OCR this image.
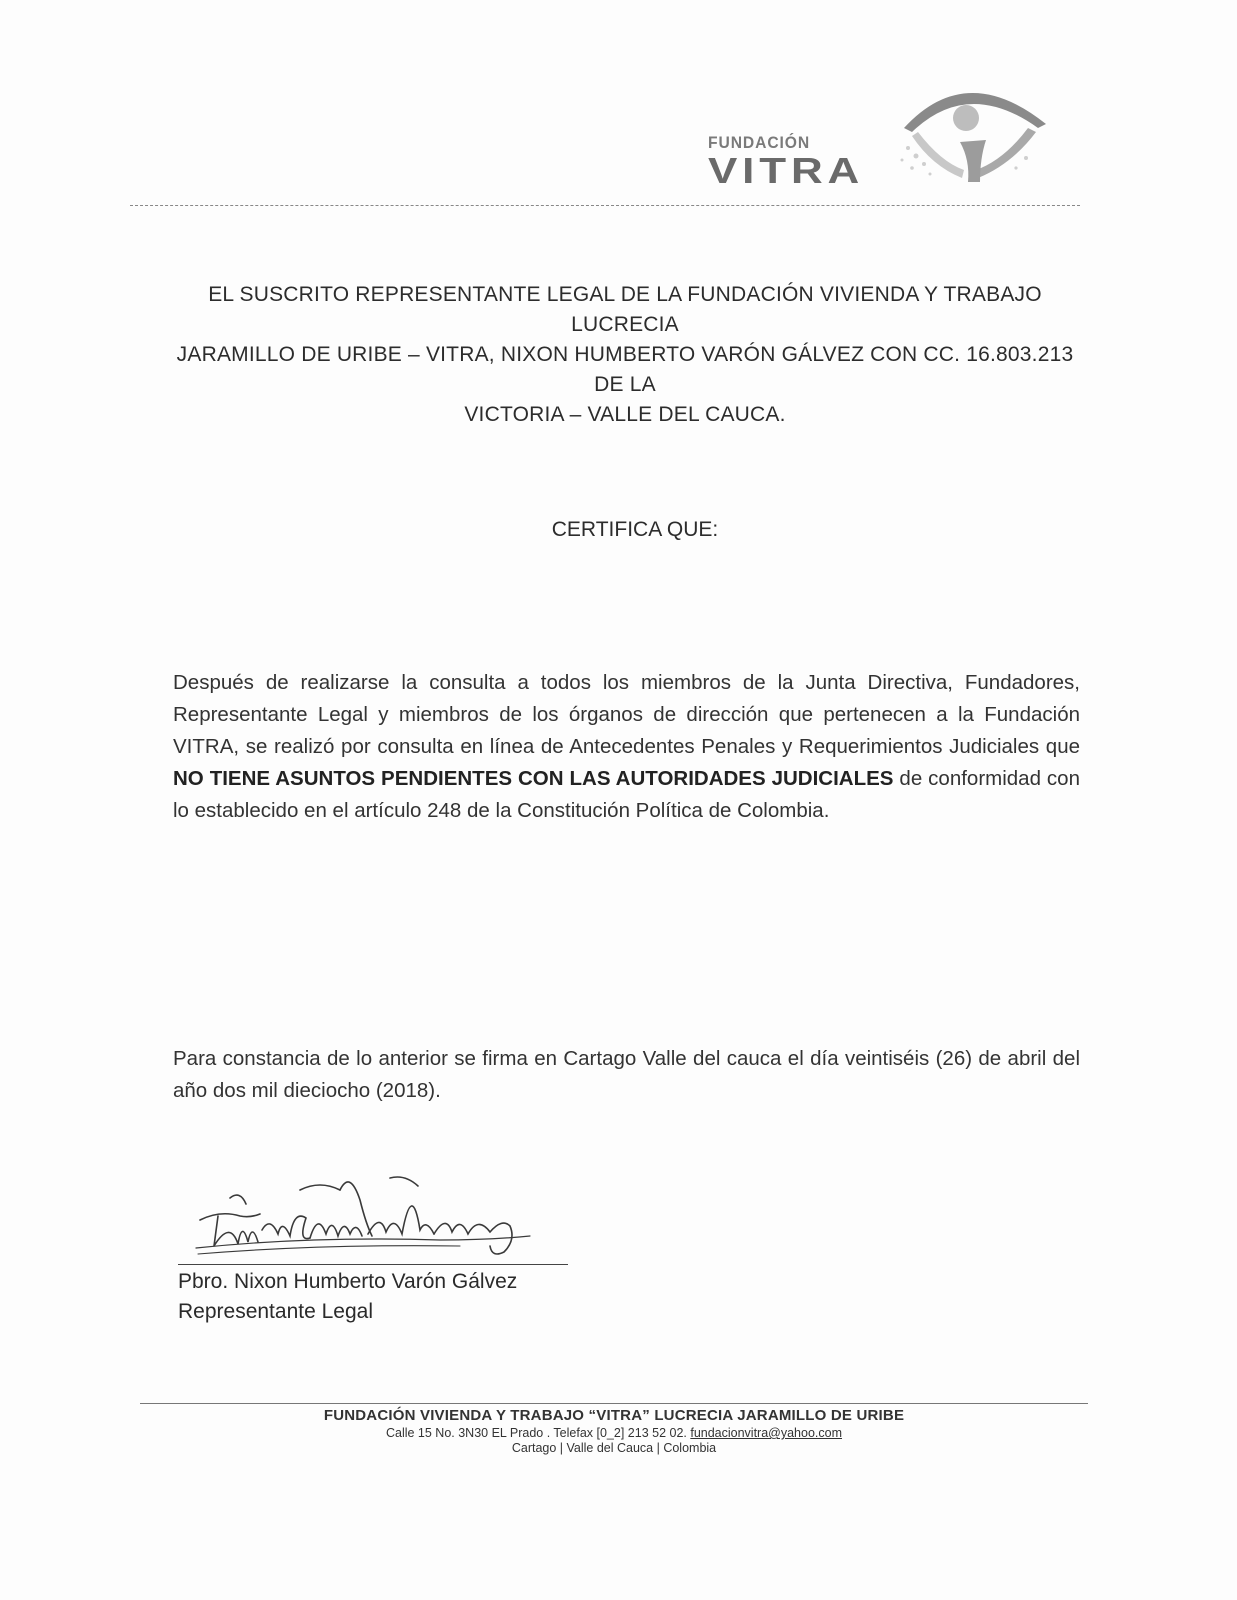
FUNDACIÓN
VITRA
EL SUSCRITO REPRESENTANTE LEGAL DE LA FUNDACIÓN VIVIENDA Y TRABAJO LUCRECIA
JARAMILLO DE URIBE – VITRA, NIXON HUMBERTO VARÓN GÁLVEZ CON CC. 16.803.213 DE LA
VICTORIA – VALLE DEL CAUCA.
CERTIFICA QUE:
Después de realizarse la consulta a todos los miembros de la Junta Directiva, Fundadores, Representante Legal y miembros de los órganos de dirección que pertenecen a la Fundación VITRA, se realizó por consulta en línea de Antecedentes Penales y Requerimientos Judiciales que NO TIENE ASUNTOS PENDIENTES CON LAS AUTORIDADES JUDICIALES de conformidad con lo establecido en el artículo 248 de la Constitución Política de Colombia.
Para constancia de lo anterior se firma en Cartago Valle del cauca el día veintiséis (26) de abril del año dos mil dieciocho (2018).
Pbro. Nixon Humberto Varón Gálvez
Representante Legal
FUNDACIÓN VIVIENDA Y TRABAJO “VITRA” LUCRECIA JARAMILLO DE URIBE
Calle 15 No. 3N30 EL Prado . Telefax [0_2] 213 52 02. fundacionvitra@yahoo.com
Cartago | Valle del Cauca | Colombia
